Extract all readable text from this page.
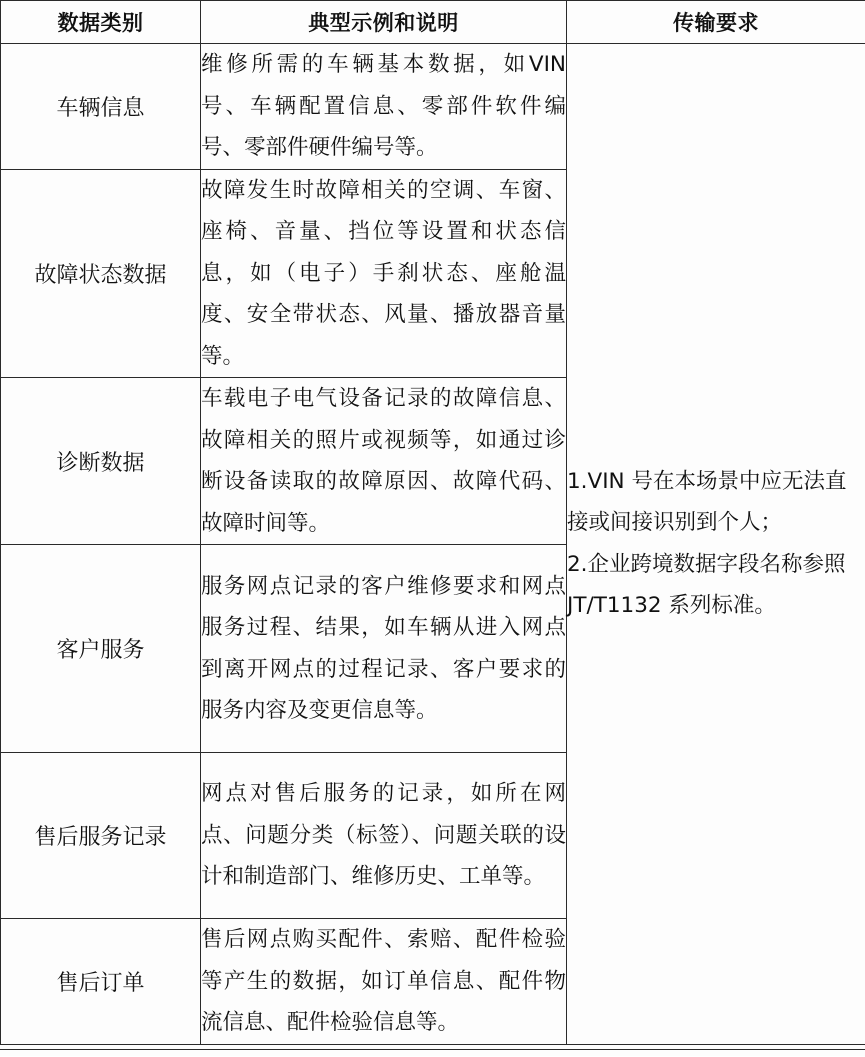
数据类别	典型示例和说明	传输要求
车辆信息	维修所需的车辆基本数据，如VIN 号、车辆配置信息、零部件软件编号、零部件硬件编号等。	1.VIN 号在本场景中应无法直接或间接识别到个人；
2.企业跨境数据字段名称参照 JT/T1132 系列标准。

故障状态数据	故障发生时故障相关的空调、车窗、座椅、音量、挡位等设置和状态信息，如（电子）手刹状态、座舱温度、安全带状态、风量、播放器音量等。	
诊断数据	车载电子电气设备记录的故障信息、故障相关的照片或视频等，如通过诊断设备读取的故障原因、故障代码、故障时间等。	
客户服务	服务网点记录的客户维修要求和网点服务过程、结果，如车辆从进入网点到离开网点的过程记录、客户要求的服务内容及变更信息等。	
售后服务记录	网点对售后服务的记录，如所在网点、问题分类（标签）、问题关联的设计和制造部门、维修历史、工单等。	
售后订单	售后网点购买配件、索赔、配件检验等产生的数据，如订单信息、配件物流信息、配件检验信息等。	
